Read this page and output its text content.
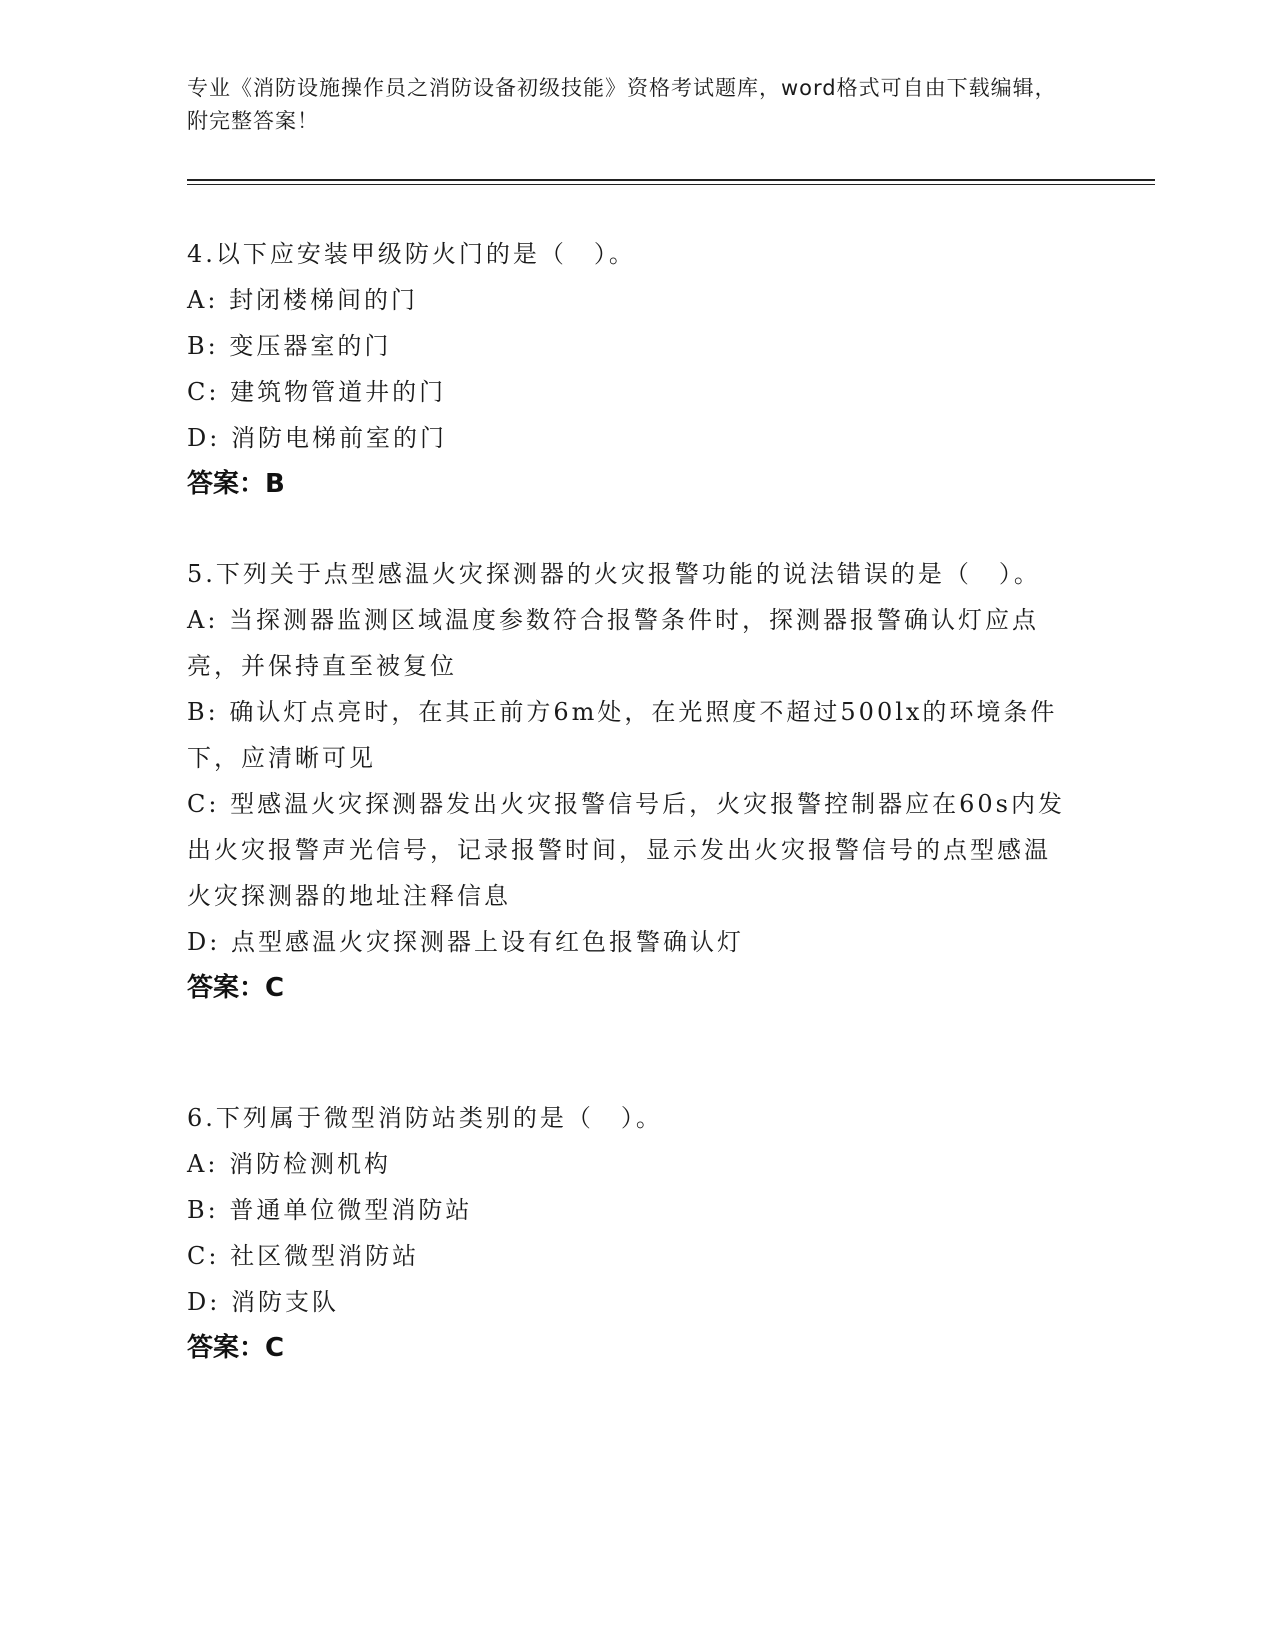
专业《消防设施操作员之消防设备初级技能》资格考试题库，word格式可自由下载编辑，附完整答案！
4.以下应安装甲级防火门的是（　）。
A: 封闭楼梯间的门
B: 变压器室的门
C: 建筑物管道井的门
D: 消防电梯前室的门
答案：B
5.下列关于点型感温火灾探测器的火灾报警功能的说法错误的是（　）。
A: 当探测器监测区域温度参数符合报警条件时，探测器报警确认灯应点亮，并保持直至被复位
B: 确认灯点亮时，在其正前方6m处，在光照度不超过500lx的环境条件下，应清晰可见
C: 型感温火灾探测器发出火灾报警信号后，火灾报警控制器应在60s内发出火灾报警声光信号，记录报警时间，显示发出火灾报警信号的点型感温火灾探测器的地址注释信息
D: 点型感温火灾探测器上设有红色报警确认灯
答案：C
6.下列属于微型消防站类别的是（　）。
A: 消防检测机构
B: 普通单位微型消防站
C: 社区微型消防站
D: 消防支队
答案：C
